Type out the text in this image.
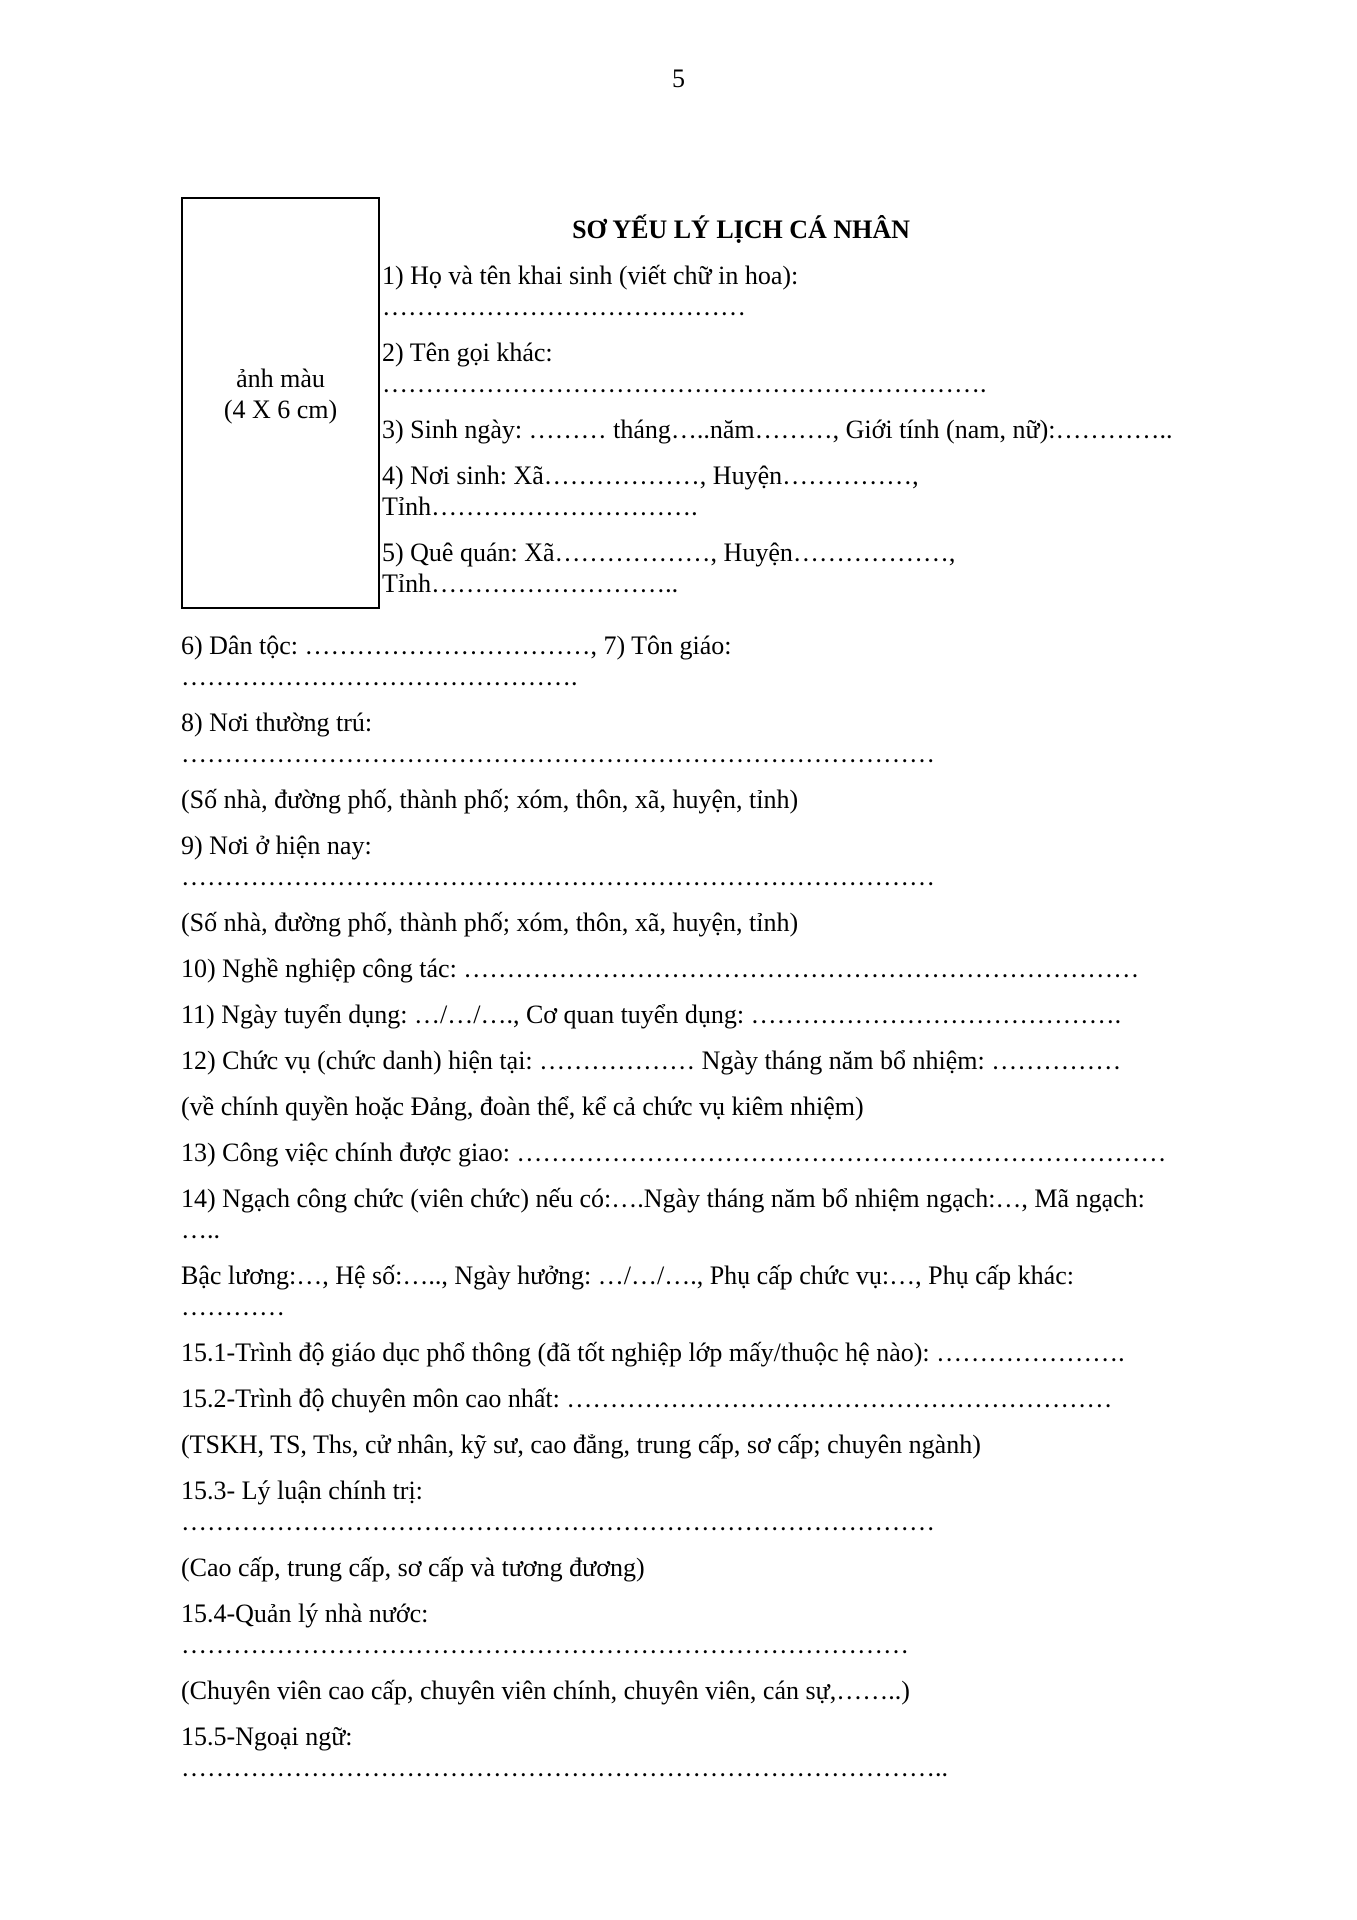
5
ảnh màu
(4 X 6 cm)
SƠ YẾU LÝ LỊCH CÁ NHÂN
1) Họ và tên khai sinh (viết chữ in hoa):
……………………………………
2) Tên gọi khác:
…………………………………………………………….
3) Sinh ngày: ……… tháng…..năm………, Giới tính (nam, nữ):…………..
4) Nơi sinh: Xã………………, Huyện……………,
Tỉnh………………………….
5) Quê quán: Xã………………, Huyện………………,
Tỉnh………………………..
6) Dân tộc: ……………………………, 7) Tôn giáo:
……………………………………….
8) Nơi thường trú:
……………………………………………………………………………
(Số nhà, đường phố, thành phố; xóm, thôn, xã, huyện, tỉnh)
9) Nơi ở hiện nay:
……………………………………………………………………………
(Số nhà, đường phố, thành phố; xóm, thôn, xã, huyện, tỉnh)
10) Nghề nghiệp công tác: ……………………………………………………………………
11) Ngày tuyển dụng: …/…/…., Cơ quan tuyển dụng: …………………………………….
12) Chức vụ (chức danh) hiện tại: ……………… Ngày tháng năm bổ nhiệm: ……………
(về chính quyền hoặc Đảng, đoàn thể, kể cả chức vụ kiêm nhiệm)
13) Công việc chính được giao: …………………………………………………………………
14) Ngạch công chức (viên chức) nếu có:….Ngày tháng năm bổ nhiệm ngạch:…, Mã ngạch:
…..
Bậc lương:…, Hệ số:….., Ngày hưởng: …/…/…., Phụ cấp chức vụ:…, Phụ cấp khác:
…………
15.1-Trình độ giáo dục phổ thông (đã tốt nghiệp lớp mấy/thuộc hệ nào): ………………….
15.2-Trình độ chuyên môn cao nhất: ………………………………………………………
(TSKH, TS, Ths, cử nhân, kỹ sư, cao đẳng, trung cấp, sơ cấp; chuyên ngành)
15.3- Lý luận chính trị:
……………………………………………………………………………
(Cao cấp, trung cấp, sơ cấp và tương đương)
15.4-Quản lý nhà nước:
…………………………………………………………………………
(Chuyên viên cao cấp, chuyên viên chính, chuyên viên, cán sự,……..)
15.5-Ngoại ngữ:
……………………………………………………………………………..
